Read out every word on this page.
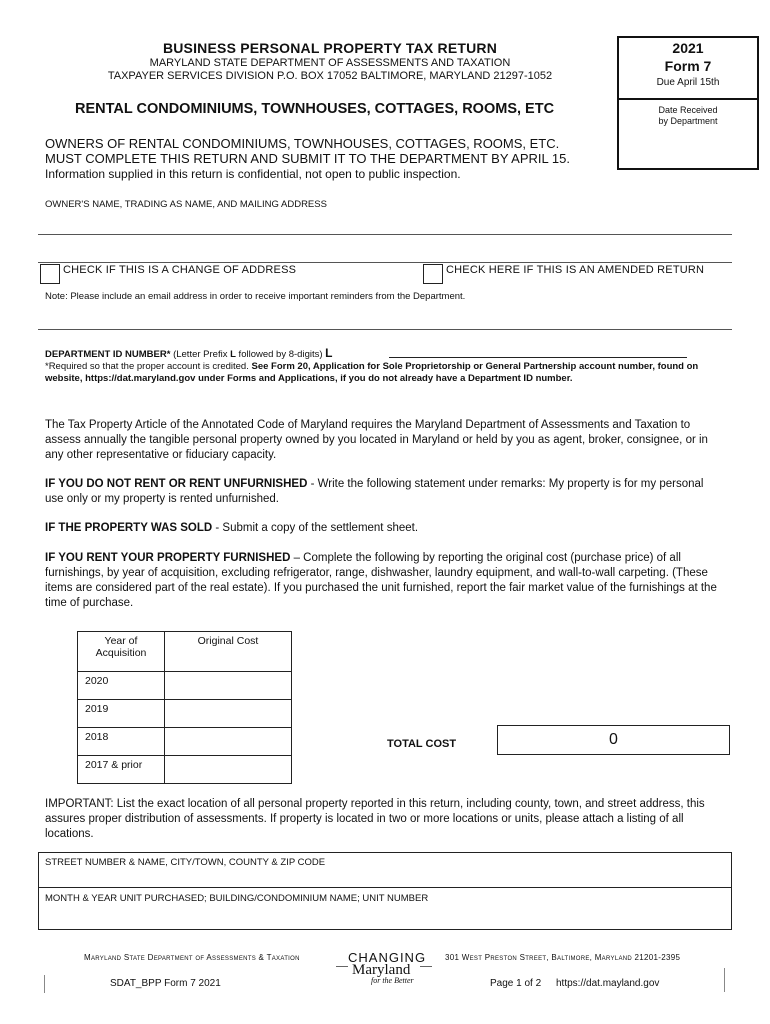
BUSINESS PERSONAL PROPERTY TAX RETURN
MARYLAND STATE DEPARTMENT OF ASSESSMENTS AND TAXATION
TAXPAYER SERVICES DIVISION P.O. BOX 17052 BALTIMORE, MARYLAND 21297-1052
2021
Form 7
Due April 15th
Date Received
by Department
RENTAL CONDOMINIUMS, TOWNHOUSES, COTTAGES, ROOMS, ETC
OWNERS OF RENTAL CONDOMINIUMS, TOWNHOUSES, COTTAGES, ROOMS, ETC.
MUST COMPLETE THIS RETURN AND SUBMIT IT TO THE DEPARTMENT BY APRIL 15.
Information supplied in this return is confidential, not open to public inspection.
OWNER'S NAME, TRADING AS NAME, AND MAILING ADDRESS
CHECK IF THIS IS A CHANGE OF ADDRESS	CHECK HERE IF THIS IS AN AMENDED RETURN
Note: Please include an email address in order to receive important reminders from the Department.
DEPARTMENT ID NUMBER* (Letter Prefix L followed by 8-digits) L
*Required so that the proper account is credited. See Form 20, Application for Sole Proprietorship or General Partnership account number, found on website, https://dat.maryland.gov under Forms and Applications, if you do not already have a Department ID number.
The Tax Property Article of the Annotated Code of Maryland requires the Maryland Department of Assessments and Taxation to assess annually the tangible personal property owned by you located in Maryland or held by you as agent, broker, consignee, or in any other representative or fiduciary capacity.
IF YOU DO NOT RENT OR RENT UNFURNISHED - Write the following statement under remarks: My property is for my personal use only or my property is rented unfurnished.
IF THE PROPERTY WAS SOLD - Submit a copy of the settlement sheet.
IF YOU RENT YOUR PROPERTY FURNISHED – Complete the following by reporting the original cost (purchase price) of all furnishings, by year of acquisition, excluding refrigerator, range, dishwasher, laundry equipment, and wall-to-wall carpeting. (These items are considered part of the real estate). If you purchased the unit furnished, report the fair market value of the furnishings at the time of purchase.
Year of
Acquisition	Original Cost
2020	
2019	
2018	
2017 & prior	
TOTAL COST	0
IMPORTANT: List the exact location of all personal property reported in this return, including county, town, and street address, this assures proper distribution of assessments. If property is located in two or more locations or units, please attach a listing of all locations.
STREET NUMBER & NAME, CITY/TOWN, COUNTY & ZIP CODE
MONTH & YEAR UNIT PURCHASED; BUILDING/CONDOMINIUM NAME; UNIT NUMBER
Maryland State Department of Assessments & Taxation	CHANGING
Maryland
for the Better
301 West Preston Street, Baltimore, Maryland 21201-2395
SDAT_BPP Form 7 2021	Page 1 of 2 https://dat.mayland.gov
